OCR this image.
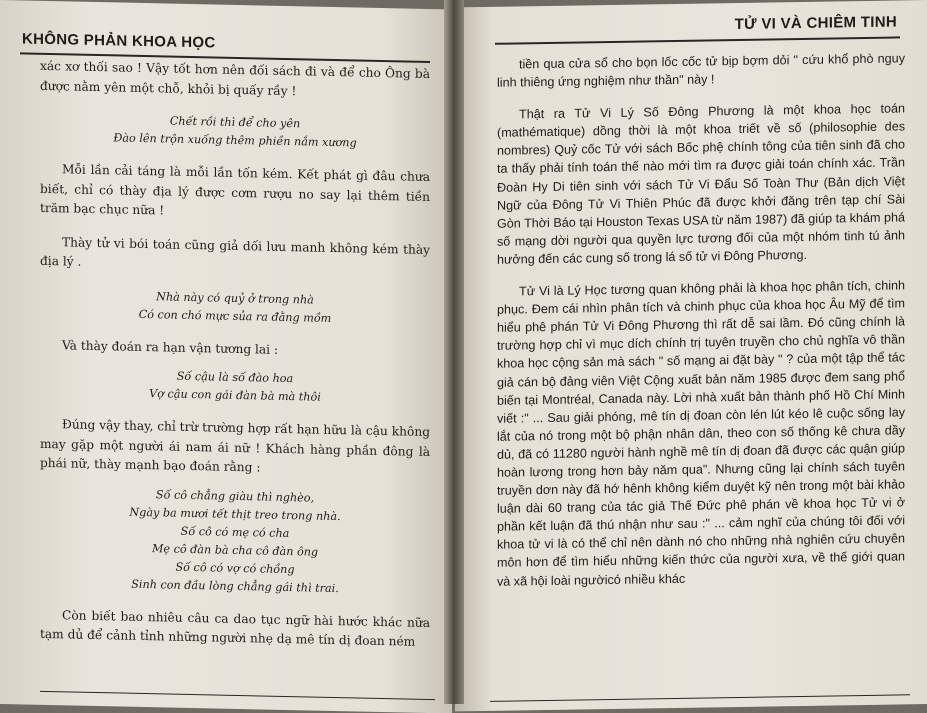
KHÔNG PHẢN KHOA HỌC

xác xơ thối sao ! Vậy tốt hơn nên đối sách đi và để cho Ông bà được nằm yên một chỗ, khỏi bị quấy rầy !

Chết rồi thì để cho yên

Đào lên trộn xuống thêm phiền nắm xương

Mỗi lần cải táng là mỗi lần tốn kém. Kết phát gì đâu chưa biết, chỉ có thày địa lý được cơm rượu no say lại thêm tiền trăm bạc chục nữa !

Thày tử vi bói toán cũng giả dối lưu manh không kém thày địa lý .

Nhà này có quỷ ở trong nhà

Có con chó mực sủa ra đằng mồm

Và thày đoán ra hạn vận tương lai :

Số cậu là số đào hoa

Vợ cậu con gái đàn bà mà thôi

Đúng vậy thay, chỉ trừ trường hợp rất hạn hữu là cậu không may gặp một người ái nam ái nữ ! Khách hàng phần đông là phái nữ, thày mạnh bạo đoán rằng :

Số cô chẳng giàu thì nghèo,

Ngày ba mươi tết thịt treo trong nhà.

Số cô có mẹ có cha

Mẹ cô đàn bà cha cô đàn ông

Số cô có vợ có chồng

Sinh con đầu lòng chẳng gái thì trai.

Còn biết bao nhiêu câu ca dao tục ngữ hài hước khác nữa tạm dủ để cảnh tỉnh những người nhẹ dạ mê tín dị đoan ném

TỬ VI VÀ CHIÊM TINH

tiền qua cửa sổ cho bọn lốc cốc tử bịp bợm dỏi " cứu khổ phò nguy linh thiêng ứng nghiệm như thần" này !

Thật ra Tử Vi Lý Số Đông Phương là một khoa học toán (mathématique) dồng thời là một khoa triết về số (philosophie des nombres) Quỷ cốc Tử với sách Bốc phệ chính tông của tiên sinh đã cho ta thấy phải tính toán thế nào mới tìm ra được giải toán chính xác. Trần Đoàn Hy Di tiên sinh với sách Tử Vi Đẩu Số Toàn Thư (Bản dịch Việt Ngữ của Đông Tử Vi Thiên Phúc đã được khởi đăng trên tạp chí Sài Gòn Thời Báo tại Houston Texas USA từ năm 1987) đã giúp ta khám phá số mạng dời người qua quyền lực tương đối của một nhóm tinh tú ảnh hưởng đến các cung số trong lá số tử vi Đông Phương.

Tử Vi là Lý Học tương quan không phải là khoa học phân tích, chinh phục. Đem cái nhìn phân tích và chinh phục của khoa học Âu Mỹ để tìm hiểu phê phán Tử Vi Đông Phương thì rất dễ sai lầm. Đó cũng chính là trường hợp chỉ vì mục dích chính trị tuyên truyền cho chủ nghĩa vô thần khoa học cộng sản mà sách " số mạng ai đặt bày " ? của một tập thể tác giả cán bộ đảng viên Việt Cộng xuất bản năm 1985 được đem sang phổ biến tại Montréal, Canada này. Lời nhà xuất bản thành phố Hồ Chí Minh viết :" ... Sau giải phóng, mê tín dị đoan còn lén lút kéo lê cuộc sống lay lắt của nó trong một bộ phận nhân dân, theo con số thống kê chưa dầy dủ, đã có 11280 người hành nghề mê tín dị đoan đã được các quận giúp hoàn lương trong hơn bảy năm qua". Nhưng cũng lại chính sách tuyên truyền dơn này đã hớ hênh không kiểm duyệt kỹ nên trong một bài khảo luận dài 60 trang của tác giả Thế Đức phê phán về khoa học Tử vi ở phần kết luận đã thú nhận như sau :" ... cảm nghĩ của chúng tôi đối với khoa tử vi là có thể chỉ nên dành nó cho những nhà nghiên cứu chuyên môn hơn để tìm hiểu những kiến thức của người xưa, về thế giới quan và xã hội loài ngườicó nhiều khác
